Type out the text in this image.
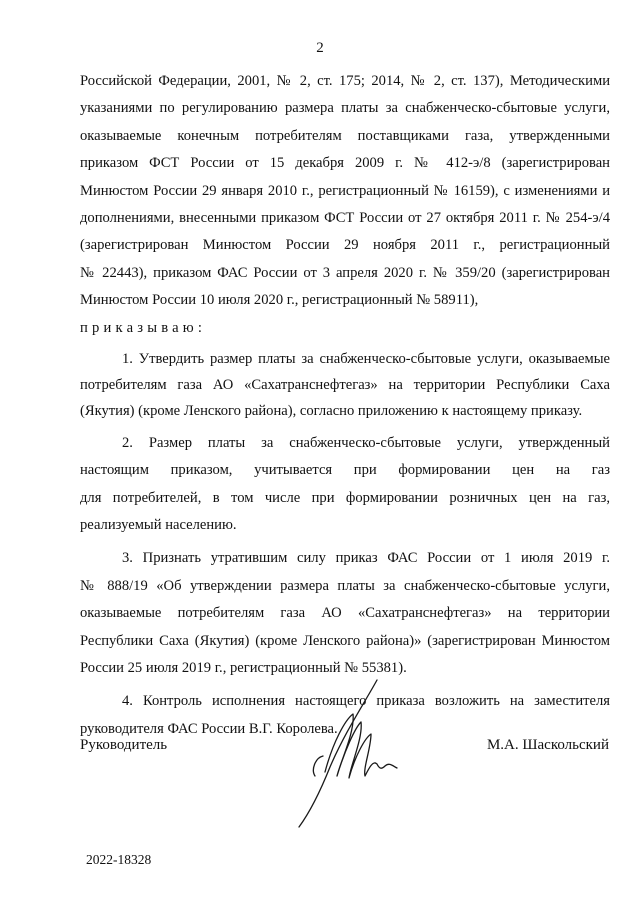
2
Российской Федерации, 2001, № 2, ст. 175; 2014, № 2, ст. 137), Методическими
указаниями по регулированию размера платы за снабженческо-сбытовые услуги,
оказываемые конечным потребителям поставщиками газа, утвержденными
приказом ФСТ России от 15 декабря 2009 г. № 412-э/8 (зарегистрирован
Минюстом России 29 января 2010 г., регистрационный № 16159), с изменениями и
дополнениями, внесенными приказом ФСТ России от 27 октября 2011 г. № 254-э/4
(зарегистрирован Минюстом России 29 ноября 2011 г., регистрационный
№ 22443), приказом ФАС России от 3 апреля 2020 г. № 359/20 (зарегистрирован
Минюстом России 10 июля 2020 г., регистрационный № 58911),
приказываю:
1. Утвердить размер платы за снабженческо-сбытовые услуги, оказываемые
потребителям газа АО «Сахатранснефтегаз» на территории Республики Саха
(Якутия) (кроме Ленского района), согласно приложению к настоящему приказу.
2. Размер платы за снабженческо-сбытовые услуги, утвержденный
настоящим приказом, учитывается при формировании цен на газ
для потребителей, в том числе при формировании розничных цен на газ,
реализуемый населению.
3. Признать утратившим силу приказ ФАС России от 1 июля 2019 г.
№ 888/19 «Об утверждении размера платы за снабженческо-сбытовые услуги,
оказываемые потребителям газа АО «Сахатранснефтегаз» на территории
Республики Саха (Якутия) (кроме Ленского района)» (зарегистрирован Минюстом
России 25 июля 2019 г., регистрационный № 55381).
4. Контроль исполнения настоящего приказа возложить на заместителя
руководителя ФАС России В.Г. Королева.
Руководитель	М.А. Шаскольский
2022-18328
